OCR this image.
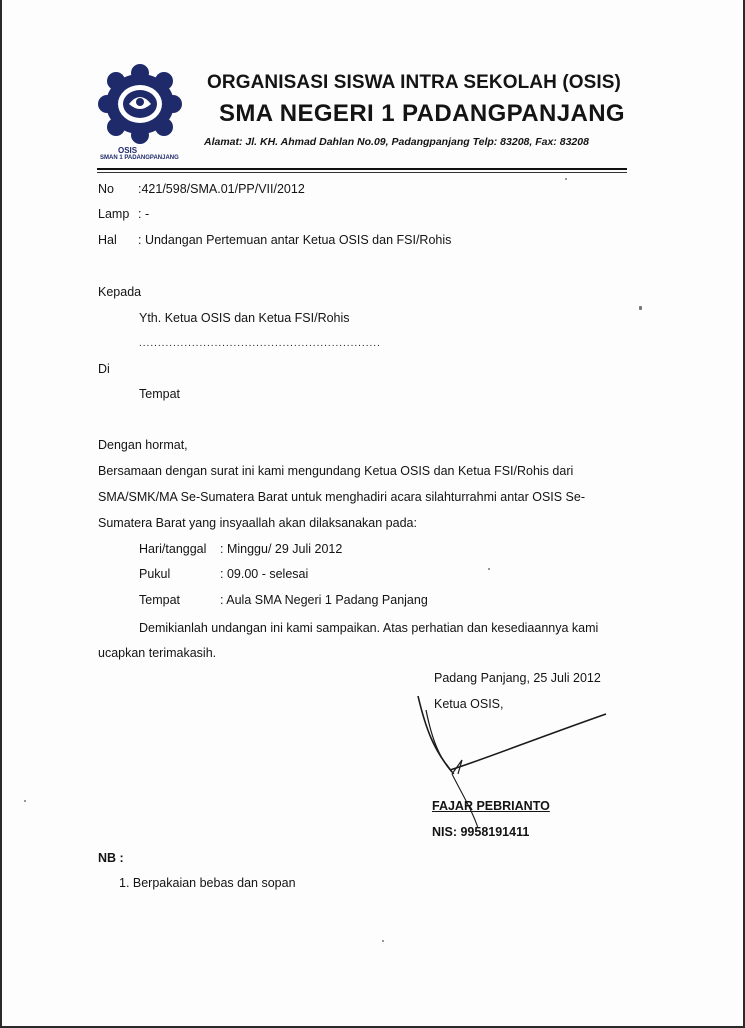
OSIS
SMAN 1 PADANGPANJANG
ORGANISASI SISWA INTRA SEKOLAH (OSIS)
SMA NEGERI 1 PADANGPANJANG
Alamat: Jl. KH. Ahmad Dahlan No.09, Padangpanjang Telp: 83208, Fax: 83208
No :421/598/SMA.01/PP/VII/2012
Lamp : -
Hal : Undangan Pertemuan antar Ketua OSIS dan FSI/Rohis
Kepada
Yth. Ketua OSIS dan Ketua FSI/Rohis
................................................................
Di
Tempat
Dengan hormat,
Bersamaan dengan surat ini kami mengundang Ketua OSIS dan Ketua FSI/Rohis dari
SMA/SMK/MA Se-Sumatera Barat untuk menghadiri acara silahturrahmi antar OSIS Se-
Sumatera Barat yang insyaallah akan dilaksanakan pada:
Hari/tanggal : Minggu/ 29 Juli 2012
Pukul	: 09.00 - selesai
Tempat	: Aula SMA Negeri 1 Padang Panjang
Demikianlah undangan ini kami sampaikan. Atas perhatian dan kesediaannya kami
ucapkan terimakasih.
Padang Panjang, 25 Juli 2012
Ketua OSIS,
FAJAR PEBRIANTO
NIS: 9958191411
NB :
1. Berpakaian bebas dan sopan
